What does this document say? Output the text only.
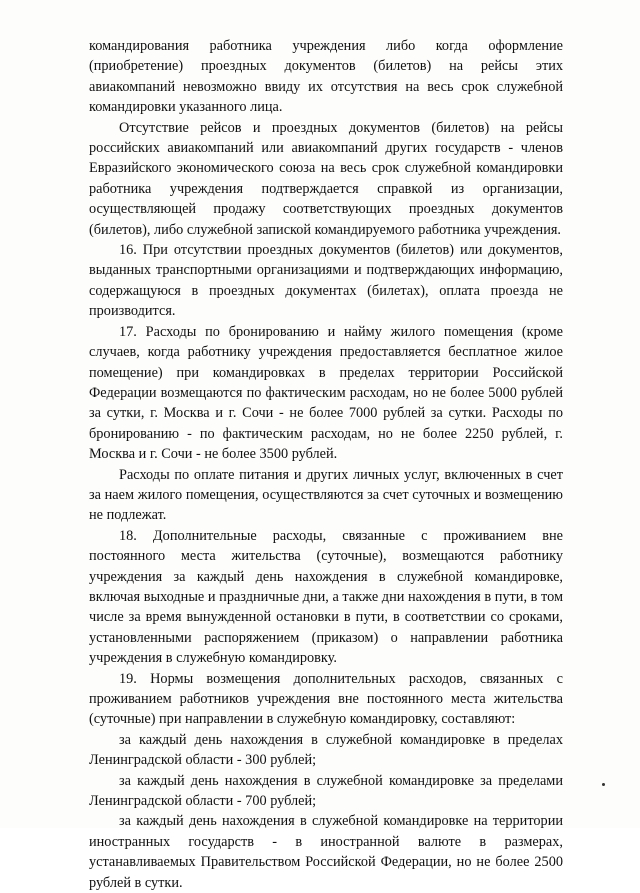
командирования работника учреждения либо когда оформление (приобретение) проездных документов (билетов) на рейсы этих авиакомпаний невозможно ввиду их отсутствия на весь срок служебной командировки указанного лица.

Отсутствие рейсов и проездных документов (билетов) на рейсы российских авиакомпаний или авиакомпаний других государств - членов Евразийского экономического союза на весь срок служебной командировки работника учреждения подтверждается справкой из организации, осуществляющей продажу соответствующих проездных документов (билетов), либо служебной запиской командируемого работника учреждения.

16. При отсутствии проездных документов (билетов) или документов, выданных транспортными организациями и подтверждающих информацию, содержащуюся в проездных документах (билетах), оплата проезда не производится.

17. Расходы по бронированию и найму жилого помещения (кроме случаев, когда работнику учреждения предоставляется бесплатное жилое помещение) при командировках в пределах территории Российской Федерации возмещаются по фактическим расходам, но не более 5000 рублей за сутки, г. Москва и г. Сочи - не более 7000 рублей за сутки. Расходы по бронированию - по фактическим расходам, но не более 2250 рублей, г. Москва и г. Сочи - не более 3500 рублей.

Расходы по оплате питания и других личных услуг, включенных в счет за наем жилого помещения, осуществляются за счет суточных и возмещению не подлежат.

18. Дополнительные расходы, связанные с проживанием вне постоянного места жительства (суточные), возмещаются работнику учреждения за каждый день нахождения в служебной командировке, включая выходные и праздничные дни, а также дни нахождения в пути, в том числе за время вынужденной остановки в пути, в соответствии со сроками, установленными распоряжением (приказом) о направлении работника учреждения в служебную командировку.

19. Нормы возмещения дополнительных расходов, связанных с проживанием работников учреждения вне постоянного места жительства (суточные) при направлении в служебную командировку, составляют:

за каждый день нахождения в служебной командировке в пределах Ленинградской области - 300 рублей;

за каждый день нахождения в служебной командировке за пределами Ленинградской области - 700 рублей;

за каждый день нахождения в служебной командировке на территории иностранных государств - в иностранной валюте в размерах, устанавливаемых Правительством Российской Федерации, но не более 2500 рублей в сутки.
